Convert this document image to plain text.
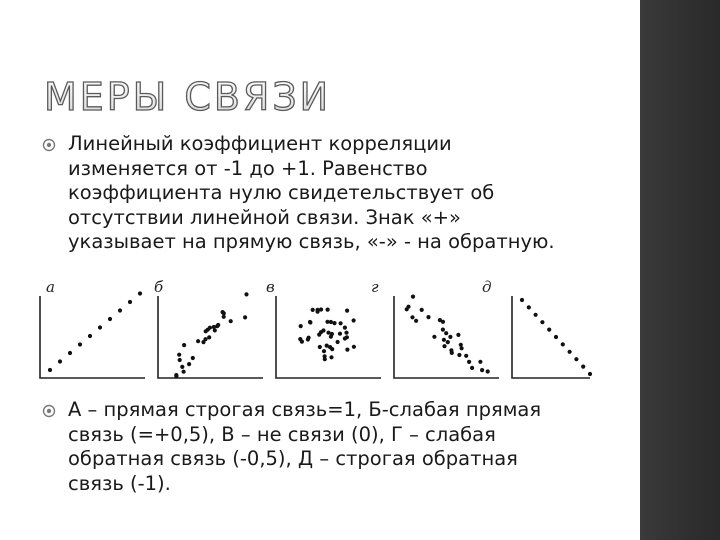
МЕРЫ СВЯЗИ
Линейный коэффициент корреляции
изменяется от -1 до +1. Равенство
коэффициента нулю свидетельствует об
отсутствии линейной связи. Знак «+»
указывает на прямую связь, «-» - на обратную.
а	б	в	г	д
А – прямая строгая связь=1, Б-слабая прямая
связь (=+0,5), В – не связи (0), Г – слабая
обратная связь (-0,5), Д – строгая обратная
связь (-1).
